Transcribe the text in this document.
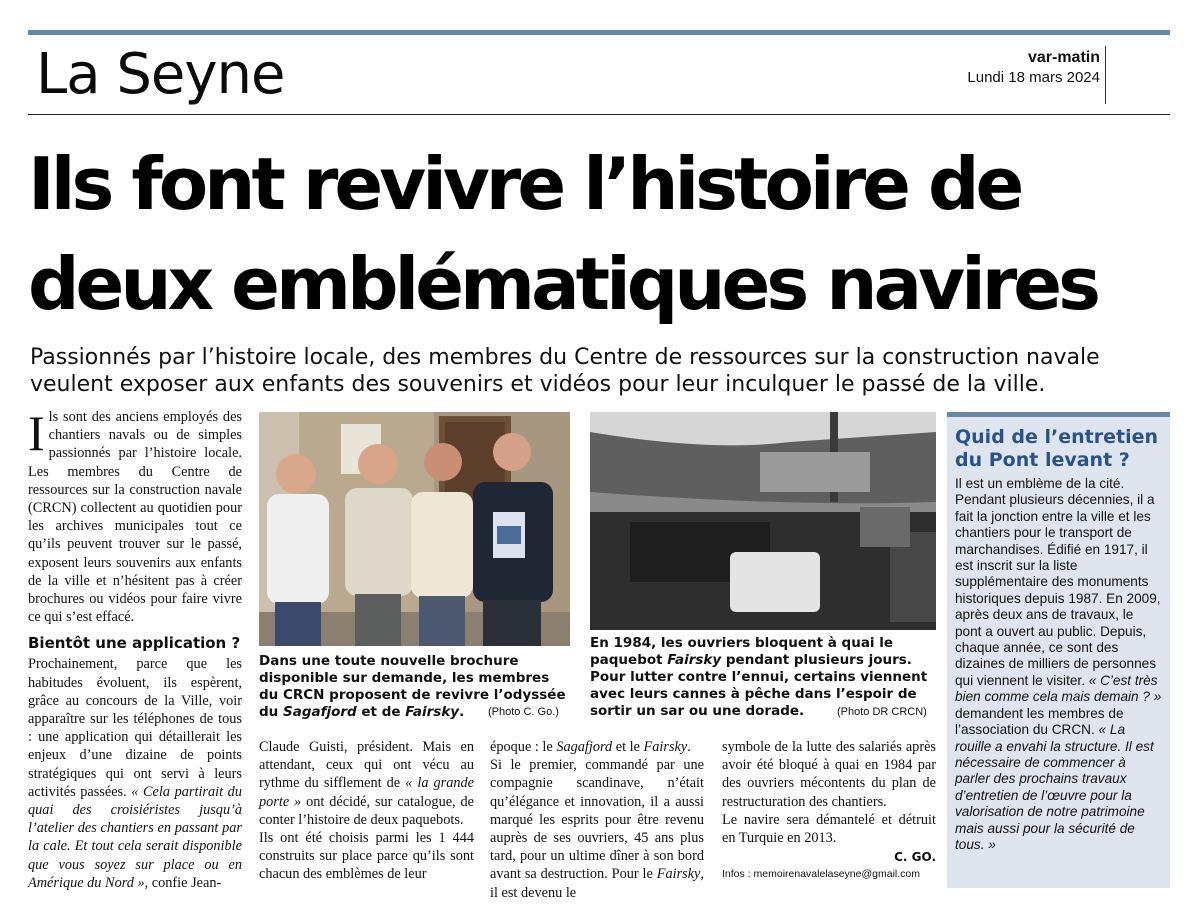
La Seyne	var-matin
Lundi 18 mars 2024
Ils font revivre l’histoire de
deux emblématiques navires
Passionnés par l’histoire locale, des membres du Centre de ressources sur la construction navale veulent exposer aux enfants des souvenirs et vidéos pour leur inculquer le passé de la ville.

Ils sont des anciens employés des chantiers navals ou de simples passionnés par l’histoire locale. Les membres du Centre de ressources sur la construction navale (CRCN) collectent au quotidien pour les archives municipales tout ce qu’ils peuvent trouver sur le passé, exposent leurs souvenirs aux enfants de la ville et n’hésitent pas à créer brochures ou vidéos pour faire vivre ce qui s’est effacé.

Bientôt une application ?

Prochainement, parce que les habitudes évoluent, ils espèrent, grâce au concours de la Ville, voir apparaître sur les téléphones de tous : une application qui détaillerait les enjeux d’une dizaine de points stratégiques qui ont servi à leurs activités passées. « Cela partirait du quai des croisiéristes jusqu’à l’atelier des chantiers en passant par la cale. Et tout cela serait disponible que vous soyez sur place ou en Amérique du Nord », confie Jean-

Dans une toute nouvelle brochure disponible sur demande, les membres du CRCN proposent de revivre l’odyssée du Sagafjord et de Fairsky.	(Photo C. Go.)
En 1984, les ouvriers bloquent à quai le paquebot Fairsky pendant plusieurs jours. Pour lutter contre l’ennui, certains viennent avec leurs cannes à pêche dans l’espoir de sortir un sar ou une dorade.	(Photo DR CRCN)

Claude Guisti, président. Mais en attendant, ceux qui ont vécu au rythme du sifflement de « la grande porte » ont décidé, sur catalogue, de conter l’histoire de deux paquebots.

Ils ont été choisis parmi les 1 444 construits sur place parce qu’ils sont chacun des emblèmes de leur

époque : le Sagafjord et le Fairsky.

Si le premier, commandé par une compagnie scandinave, n’était qu’élégance et innovation, il a aussi marqué les esprits pour être revenu auprès de ses ouvriers, 45 ans plus tard, pour un ultime dîner à son bord avant sa destruction. Pour le Fairsky, il est devenu le

symbole de la lutte des salariés après avoir été bloqué à quai en 1984 par des ouvriers mécontents du plan de restructuration des chantiers.

Le navire sera démantelé et détruit en Turquie en 2013.

C. GO.
Infos : memoirenavalelaseyne@gmail.com
Quid de l’entretien du Pont levant ?
Il est un emblème de la cité. Pendant plusieurs décennies, il a fait la jonction entre la ville et les chantiers pour le transport de marchandises. Édifié en 1917, il est inscrit sur la liste supplémentaire des monuments historiques depuis 1987. En 2009, après deux ans de travaux, le pont a ouvert au public. Depuis, chaque année, ce sont des dizaines de milliers de personnes qui viennent le visiter. « C’est très bien comme cela mais demain ? » demandent les membres de l’association du CRCN. « La rouille a envahi la structure. Il est nécessaire de commencer à parler des prochains travaux d’entretien de l’œuvre pour la valorisation de notre patrimoine mais aussi pour la sécurité de tous. »
